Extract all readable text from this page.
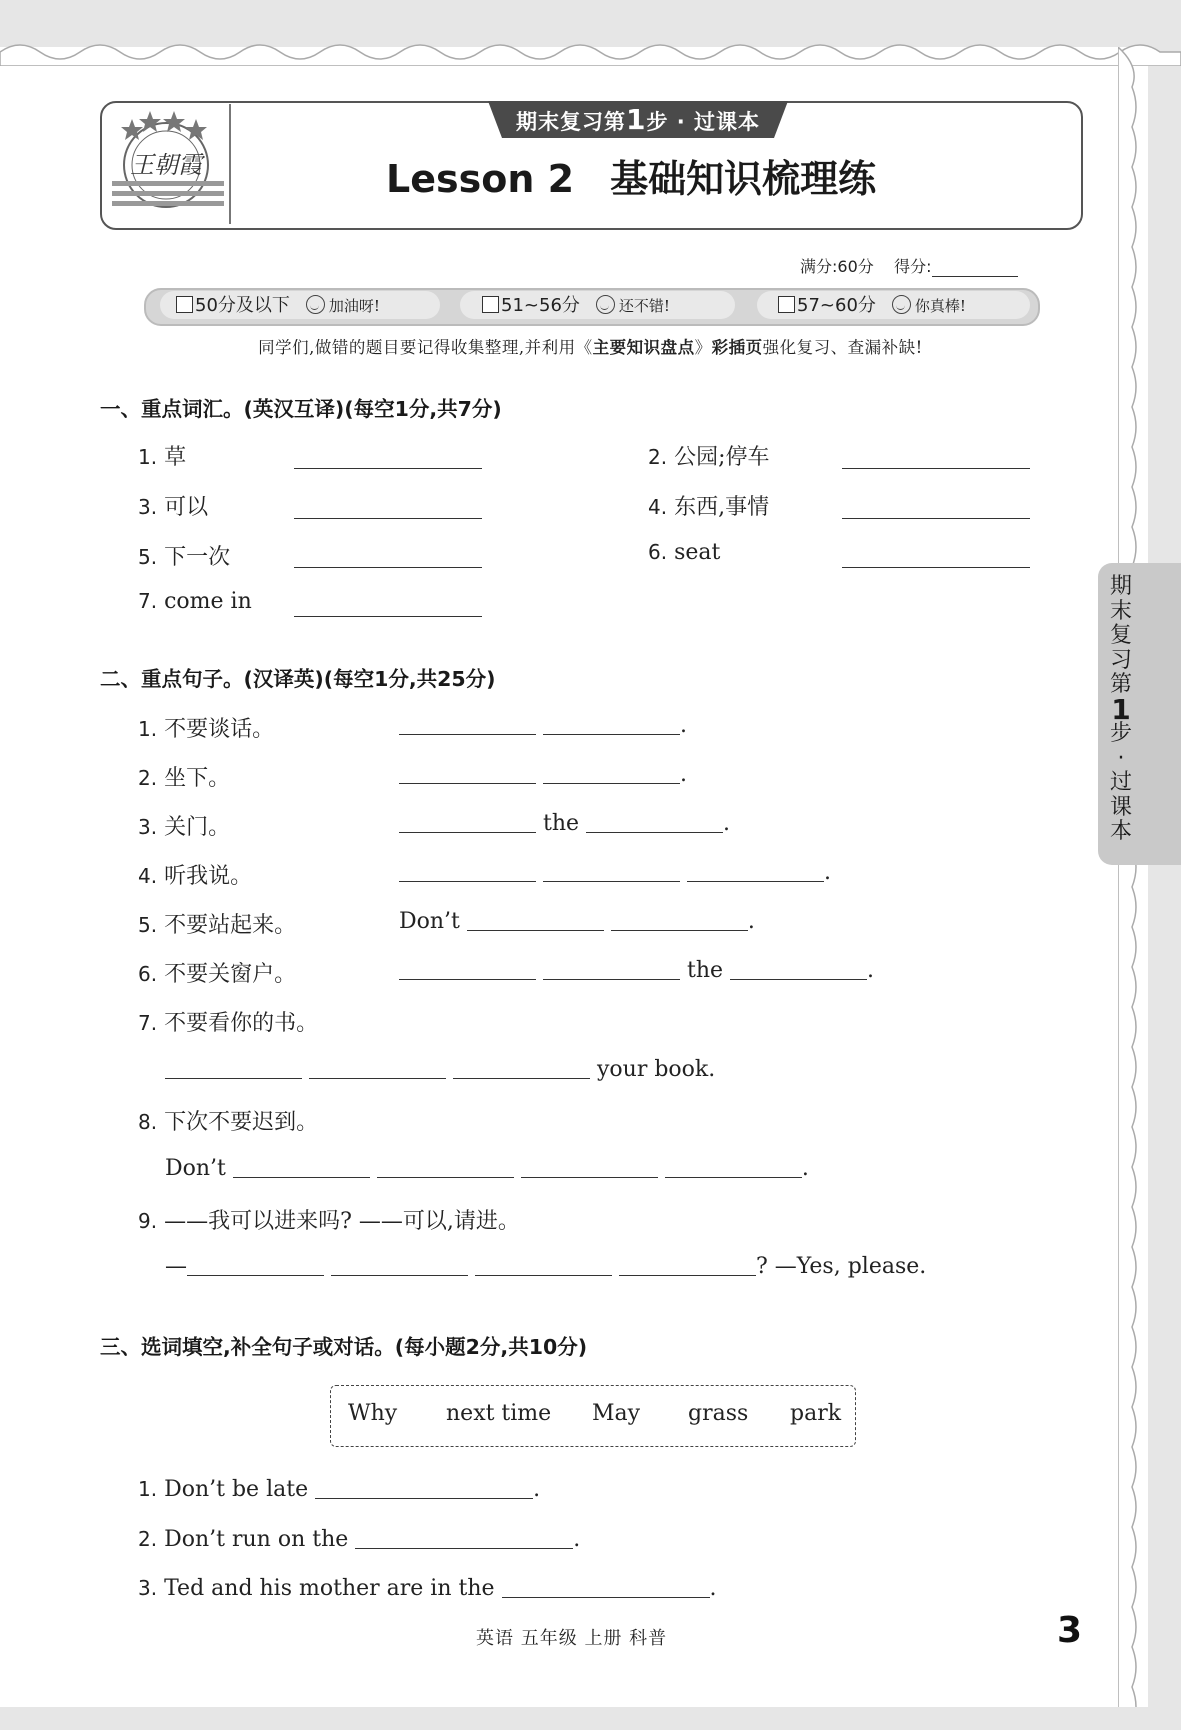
王朝霞
期末复习第1步 · 过课本
Lesson 2 基础知识梳理练
满分:60分 得分:
50分及以下	加油呀!	51~56分	还不错!	57~60分	你真棒!
同学们,做错的题目要记得收集整理,并利用《主要知识盘点》彩插页强化复习、查漏补缺!
一、重点词汇。(英汉互译)(每空1分,共7分)
1. 草	2. 公园;停车
3. 可以	4. 东西,事情
5. 下一次	6. seat
7. come in
二、重点句子。(汉译英)(每空1分,共25分)
1. 不要谈话。	.
2. 坐下。	.
3. 关门。	the	.
4. 听我说。	.
5. 不要站起来。	Don’t	.
6. 不要关窗户。	the	.
7. 不要看你的书。
your book.
8. 下次不要迟到。
Don’t	.
9. ——我可以进来吗? ——可以,请进。
—	? —Yes, please.
三、选词填空,补全句子或对话。(每小题2分,共10分)
Why next time May grass park
1. Don’t be late	.
2. Don’t run on the	.
3. Ted and his mother are in the	.
期
末
复
习
第
1
步
·
过
课
本
英语 五年级 上册 科普	3
